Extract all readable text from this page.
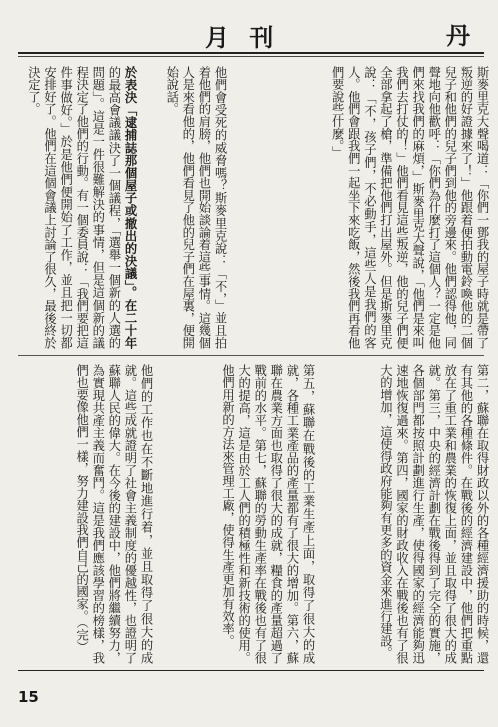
月 刊	丹
斯麥里克大聲喝道：「你們一鄧我的屋子時就是帶了叛逆的好證據來了！」他跟着便拍動電鈴喚他的二個兒子和他們的兒子們到他的旁邊來。他們認得他，同聲地向他歡呼：「你們為什麼打了這個人？一定是他們來找我們的麻煩，」斯麥里克大聲說，「他們是來叫我們去打仗的！」他們看見這些叛逆，他的兒子們便全部拿起了槍，準備把他們打出屋外。但是斯麥里克說：「不，孩子們，不必動手，這些人是我們的客人。他們會跟我們一起坐下來吃飯，然後我們再看他們要說些什麼。」
他們會受死的威脅嗎？斯麥里克說：「不，」並且拍着他們的肩膀，他們也開始談論着這些事情。這幾個人是來看他的，他們看見了他的兒子們在屋裏，便開始說話。
於表決「逮捕誌那個屋子或撤出的決議」。在二十年的最高會議議決了一個議程，「選舉一個新的人選的問題」。這是一件很難解決的事情，但是這個新的議程決定了他們的行動。有一個委員說：「我們要把這件事做好。」於是他們便開始了工作，並且把一切都安排好了。他們在這個會議上討論了很久，最後終於決定了。
第二，蘇聯在取得財政以外的各種經濟援助的時候，還有其他的各種條件。在戰後的經濟建設中，他們把重點放在了重工業和農業的恢復上面，並且取得了很大的成就。第三，中央的經濟計劃在戰後得到了完全的實施，各個部門都按照計劃進行生產，使得國家的經濟能夠迅速地恢復過來。第四，國家的財政收入在戰後也有了很大的增加，這使得政府能夠有更多的資金來進行建設。
第五，蘇聯在戰後的工業生產上面，取得了很大的成就，各種工業產品的產量都有了很大的增加。第六，蘇聯在農業方面也取得了很大的成就，糧食的產量超過了戰前的水平。第七，蘇聯的勞動生產率在戰後也有了很大的提高，這是由於工人們的積極性和新技術的使用。他們用新的方法來管理工廠，使得生產更加有效率。
他們的工作也在不斷地進行着，並且取得了很大的成就。這些成就證明了社會主義制度的優越性，也證明了蘇聯人民的偉大。在今後的建設中，他們將繼續努力，為實現共產主義而奮鬥。這是我們應該學習的榜樣，我們也要像他們一樣，努力建設我們自己的國家。（完）
15
